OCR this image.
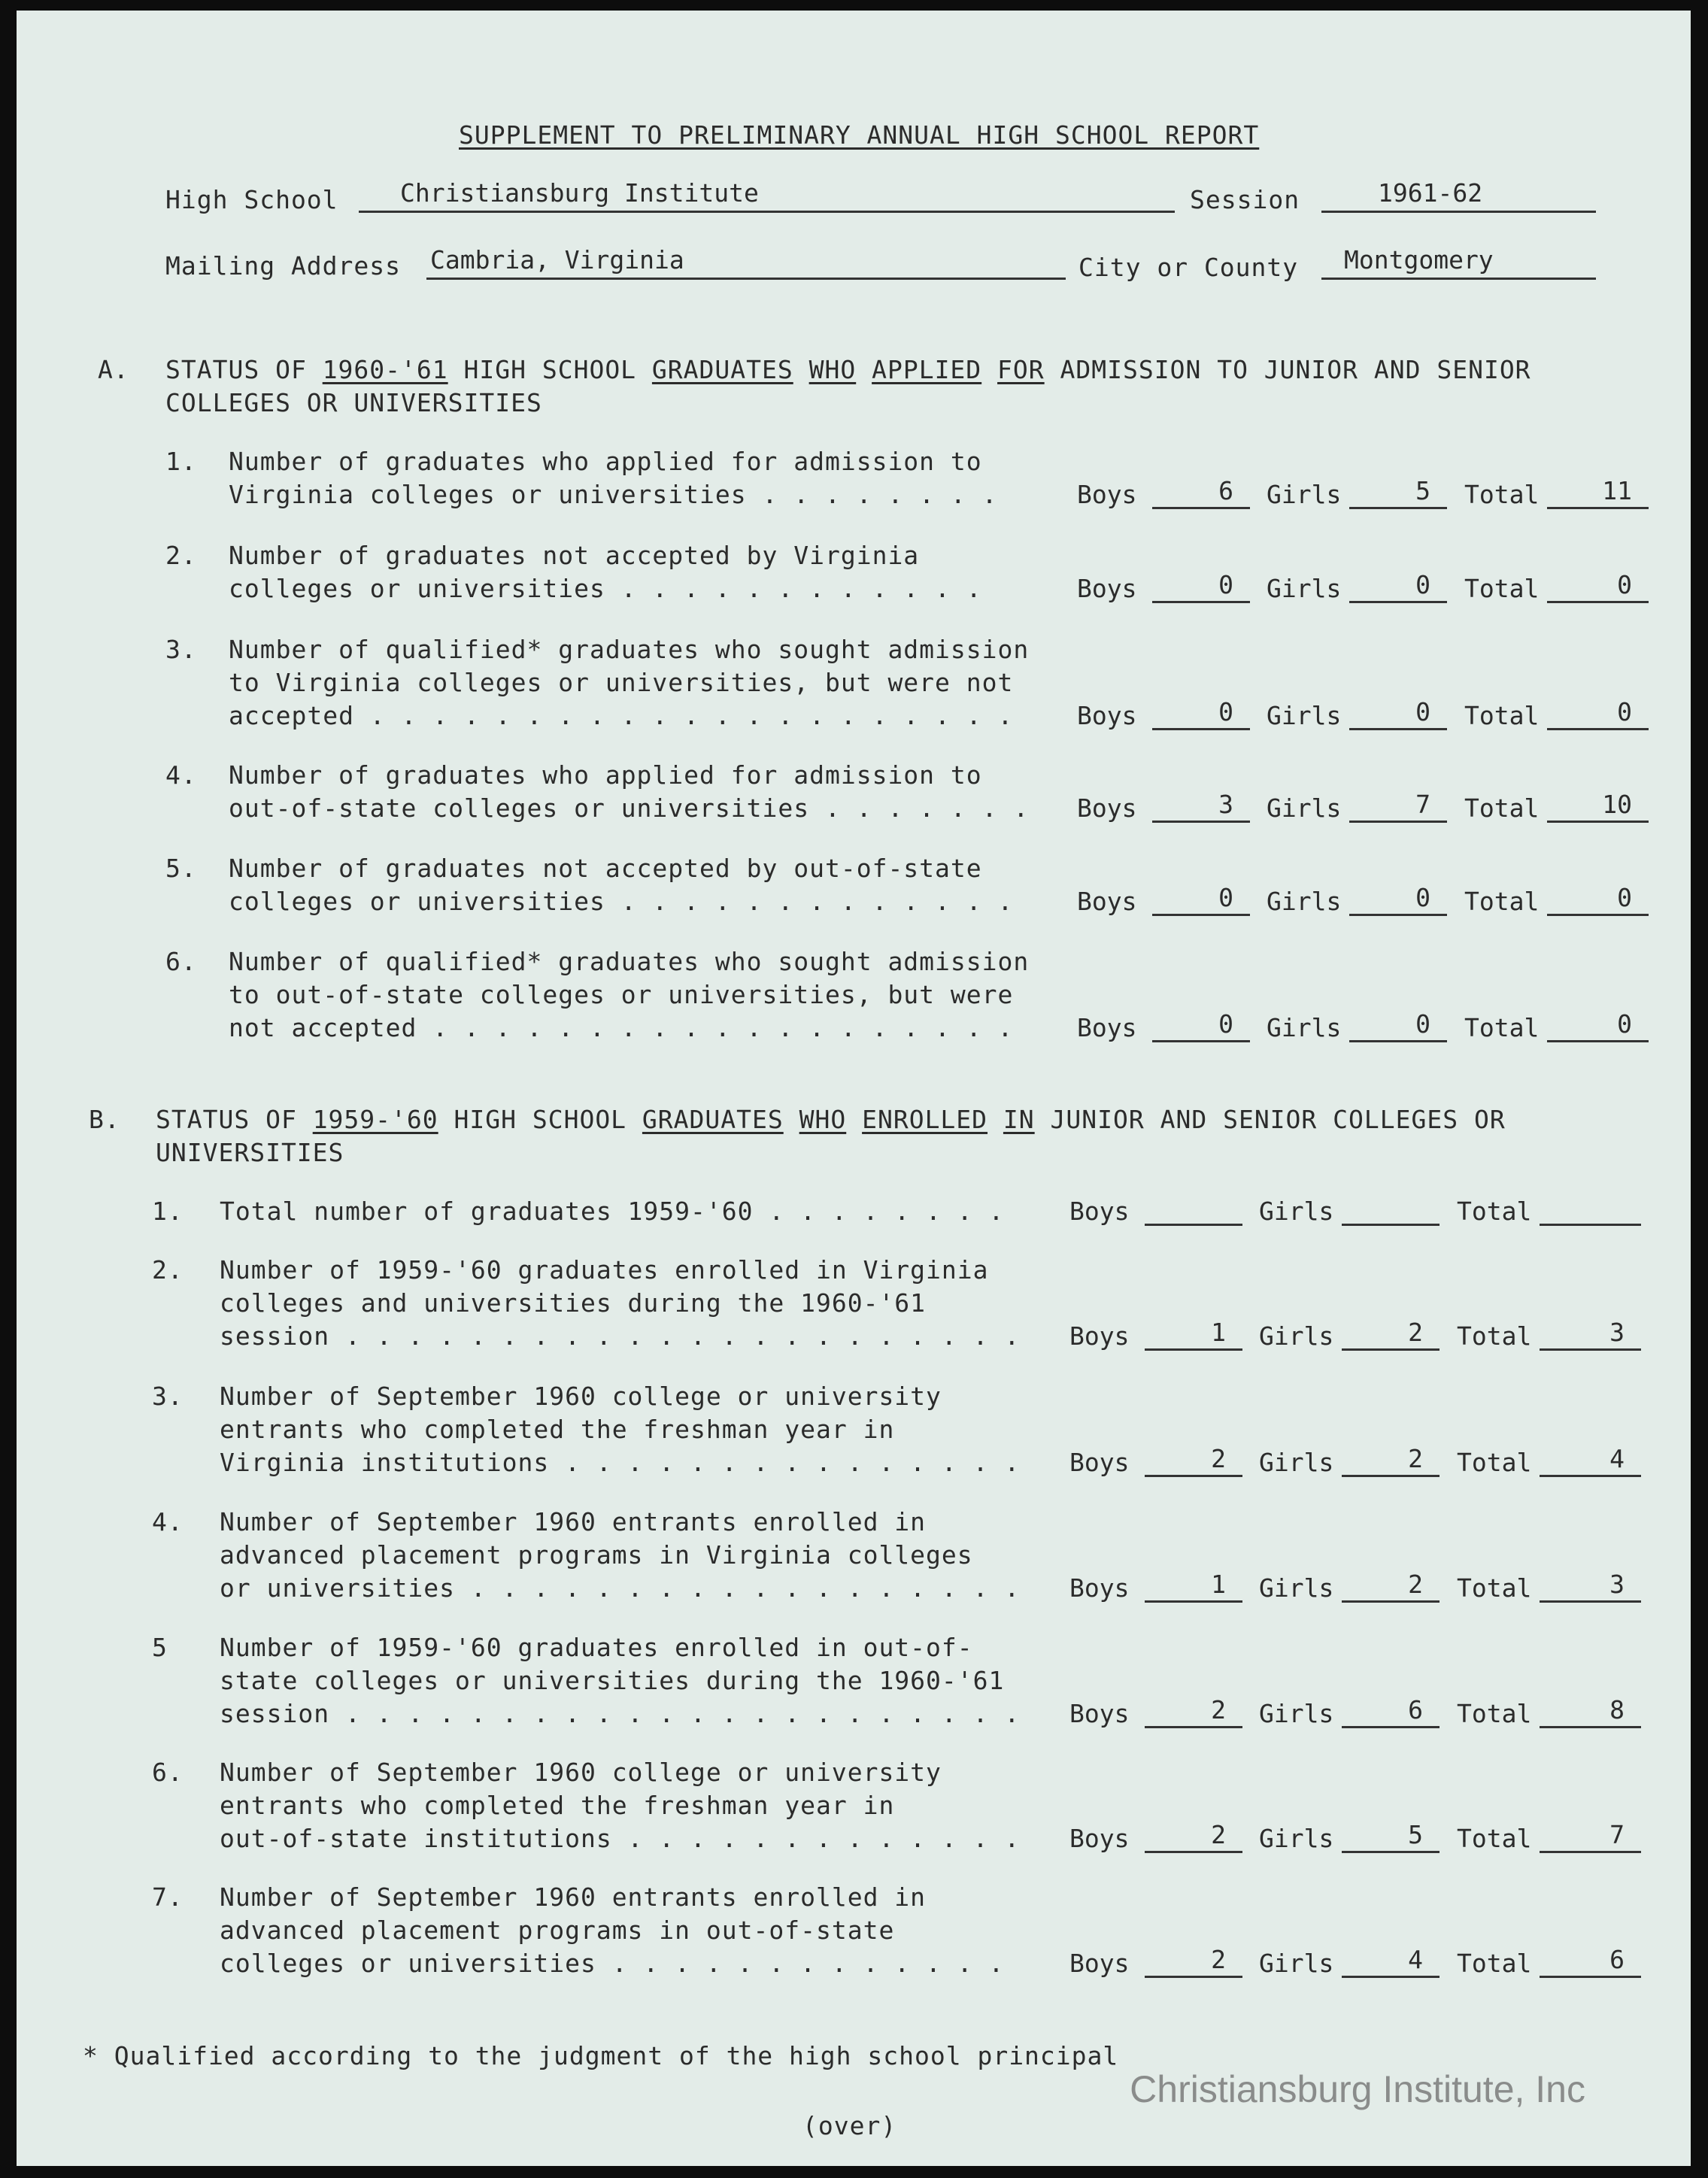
SUPPLEMENT TO PRELIMINARY ANNUAL HIGH SCHOOL REPORT
High School Christiansburg Institute	Session	1961-62
Mailing Address Cambria, Virginia	City or County Montgomery
A. STATUS OF 1960-'61 HIGH SCHOOL GRADUATES WHO APPLIED FOR ADMISSION TO JUNIOR AND SENIOR
COLLEGES OR UNIVERSITIES
1. Number of graduates who applied for admission to
Virginia colleges or universities . . . . . . . .	Boys	6 Girls	5 Total	11
2. Number of graduates not accepted by Virginia
colleges or universities . . . . . . . . . . . .	Boys	0 Girls	0 Total	0
3. Number of qualified* graduates who sought admission
to Virginia colleges or universities, but were not
accepted . . . . . . . . . . . . . . . . . . . . .	Boys	0 Girls	0 Total	0
4. Number of graduates who applied for admission to
out-of-state colleges or universities . . . . . . . Boys	3 Girls	7 Total	10
5. Number of graduates not accepted by out-of-state
colleges or universities . . . . . . . . . . . . .	Boys	0 Girls	0 Total	0
6. Number of qualified* graduates who sought admission
to out-of-state colleges or universities, but were
not accepted . . . . . . . . . . . . . . . . . . .	Boys	0 Girls	0 Total	0
B. STATUS OF 1959-'60 HIGH SCHOOL GRADUATES WHO ENROLLED IN JUNIOR AND SENIOR COLLEGES OR
UNIVERSITIES
1. Total number of graduates 1959-'60 . . . . . . . .	Boys	Girls	Total
2. Number of 1959-'60 graduates enrolled in Virginia
colleges and universities during the 1960-'61
session . . . . . . . . . . . . . . . . . . . . . . Boys	1 Girls	2 Total	3
3. Number of September 1960 college or university
entrants who completed the freshman year in
Virginia institutions . . . . . . . . . . . . . . . Boys	2 Girls	2 Total	4
4. Number of September 1960 entrants enrolled in
advanced placement programs in Virginia colleges
or universities . . . . . . . . . . . . . . . . . . Boys	1 Girls	2 Total	3
5 Number of 1959-'60 graduates enrolled in out-of-
state colleges or universities during the 1960-'61
session . . . . . . . . . . . . . . . . . . . . . . Boys	2 Girls	6 Total	8
6. Number of September 1960 college or university
entrants who completed the freshman year in
out-of-state institutions . . . . . . . . . . . . . Boys	2 Girls	5 Total	7
7. Number of September 1960 entrants enrolled in
advanced placement programs in out-of-state
colleges or universities . . . . . . . . . . . . .	Boys	2 Girls	4 Total	6
* Qualified according to the judgment of the high school principal
(over)
Christiansburg Institute, Inc
